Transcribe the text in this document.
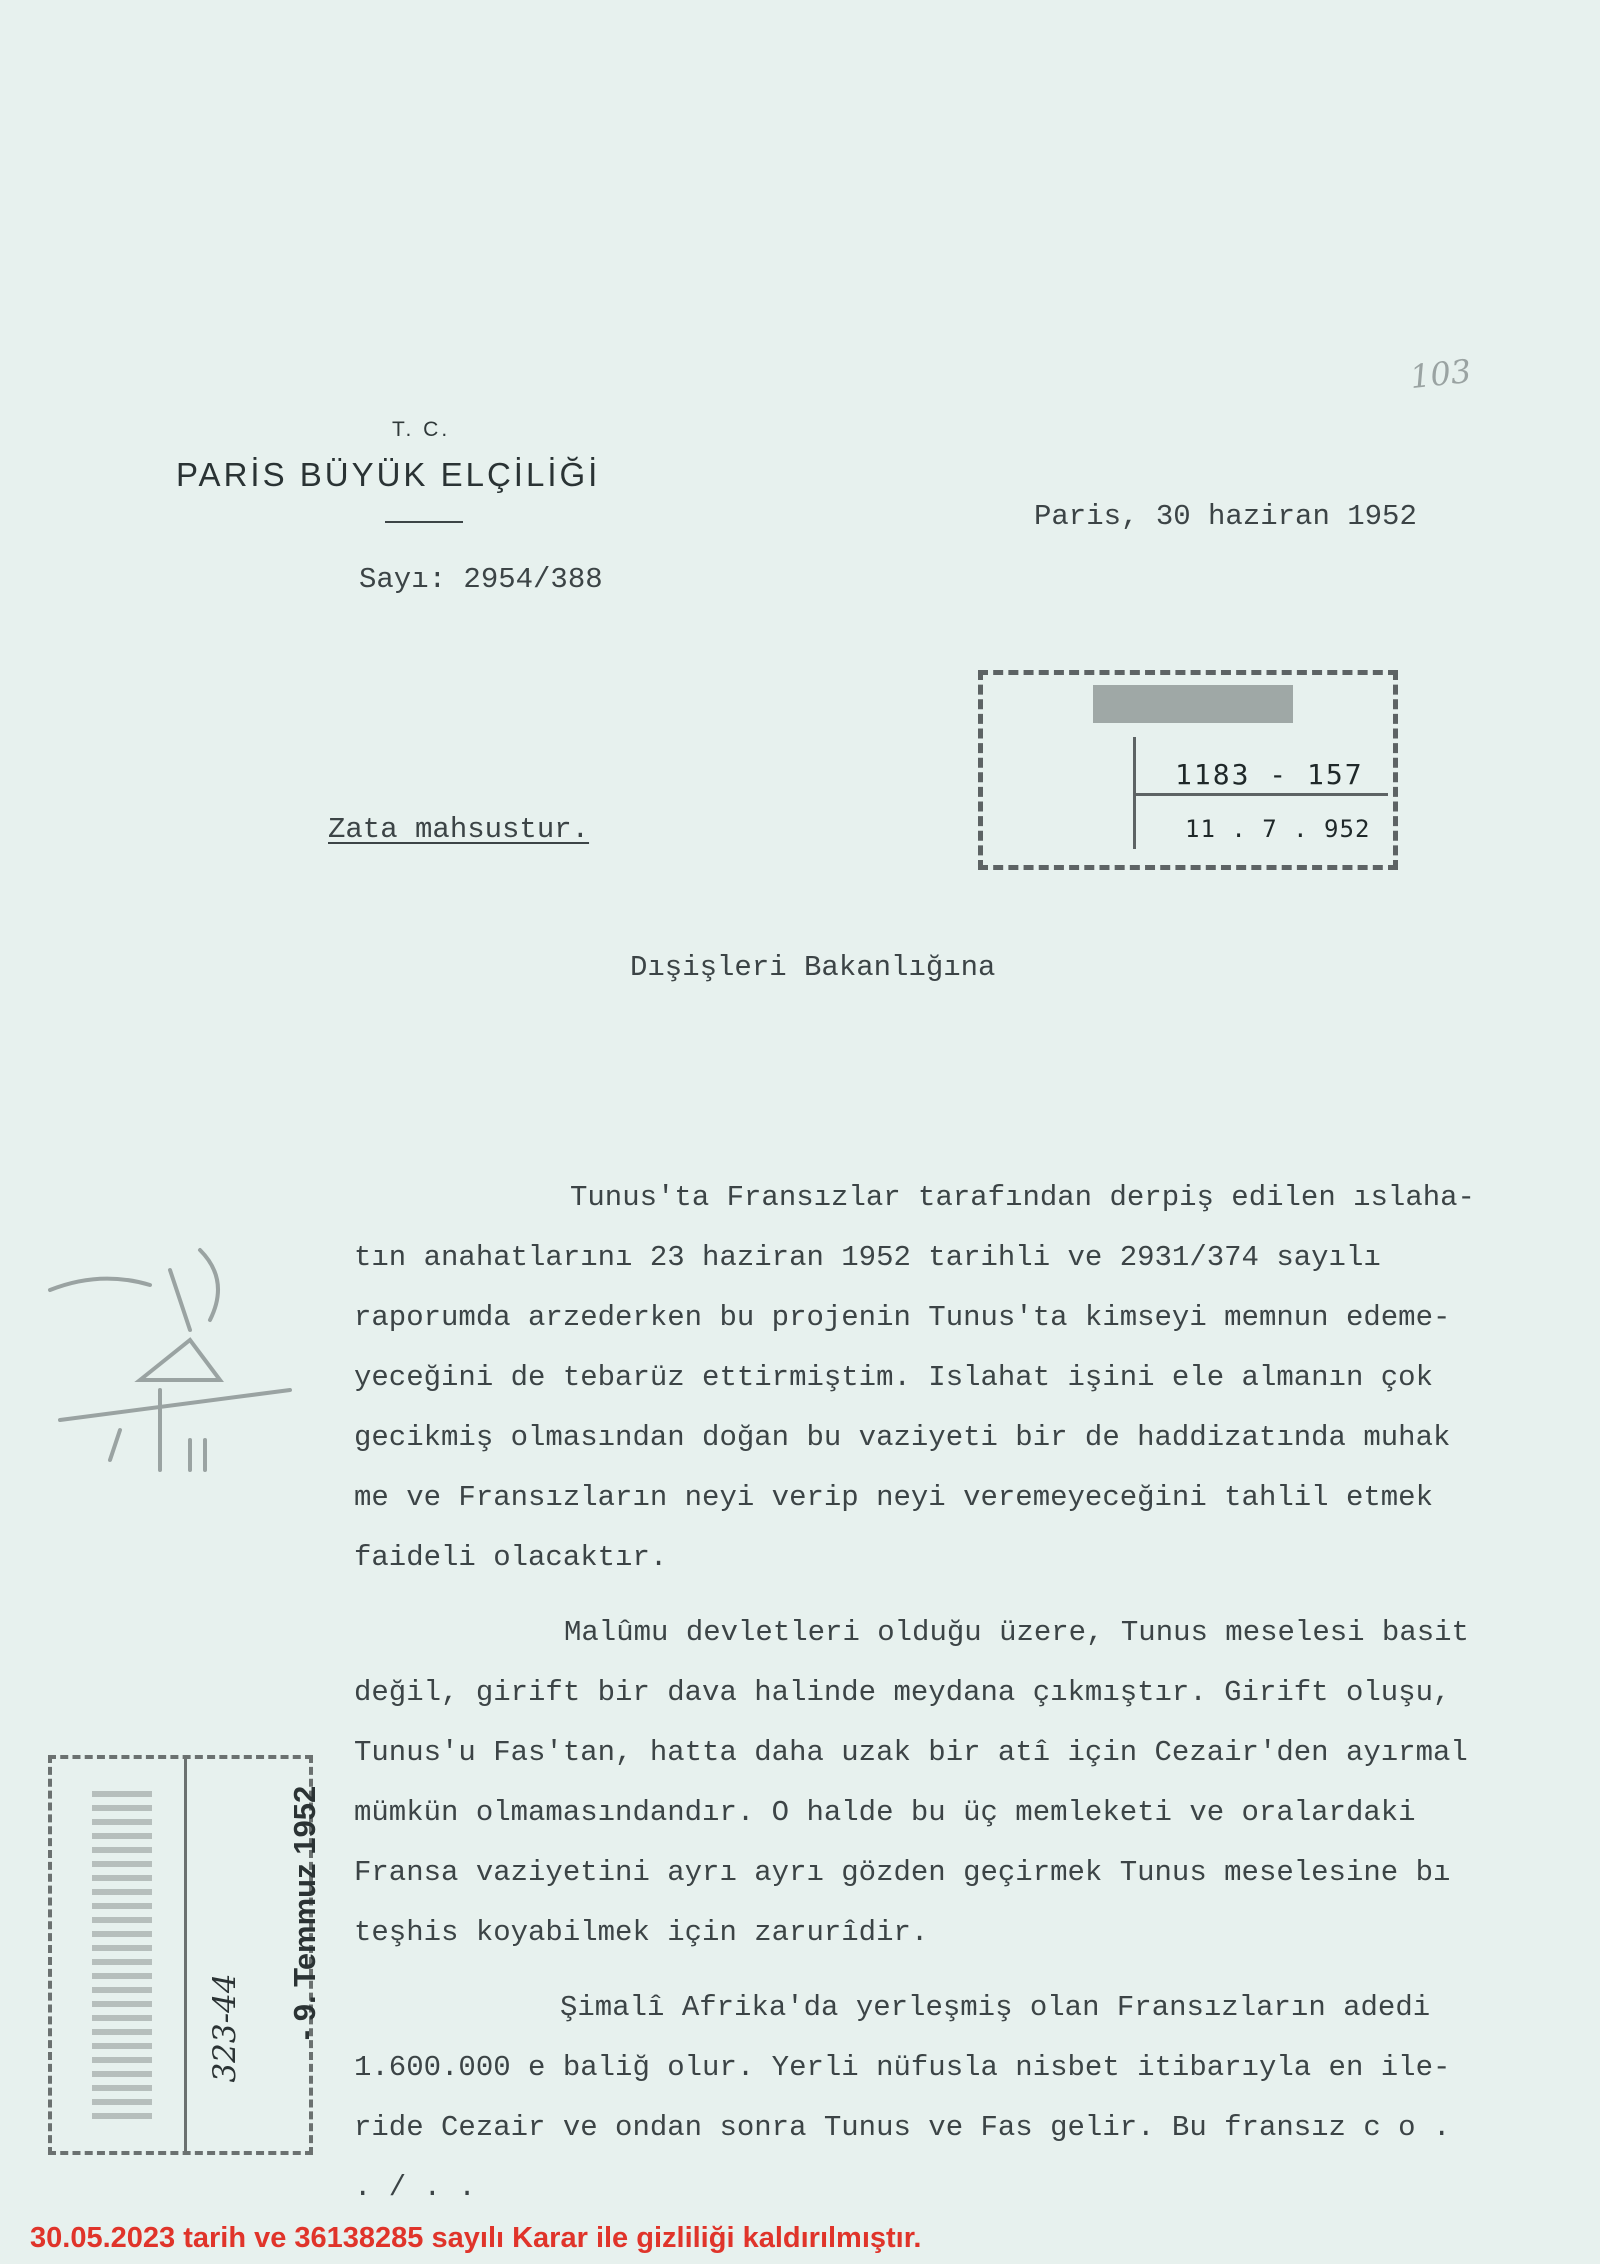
103
T. C.
PARİS BÜYÜK ELÇİLİĞİ
Paris, 30 haziran 1952
Sayı: 2954/388
1183 - 157
11 . 7 . 952
Zata mahsustur.
Dışişleri Bakanlığına
Tunus'ta Fransızlar tarafından derpiş edilen ıslaha-
tın anahatlarını 23 haziran 1952 tarihli ve 2931/374 sayılı
raporumda arzederken bu projenin Tunus'ta kimseyi memnun edeme-
yeceğini de tebarüz ettirmiştim. Islahat işini ele almanın çok
gecikmiş olmasından doğan bu vaziyeti bir de haddizatında muhak
me ve Fransızların neyi verip neyi veremeyeceğini tahlil etmek
faideli olacaktır.
Malûmu devletleri olduğu üzere, Tunus meselesi basit
değil, girift bir dava halinde meydana çıkmıştır. Girift oluşu,
Tunus'u Fas'tan, hatta daha uzak bir atî için Cezair'den ayırmal
mümkün olmamasındandır. O halde bu üç memleketi ve oralardaki
Fransa vaziyetini ayrı ayrı gözden geçirmek Tunus meselesine bı
teşhis koyabilmek için zarurîdir.
Şimalî Afrika'da yerleşmiş olan Fransızların adedi
1.600.000 e baliğ olur. Yerli nüfusla nisbet itibarıyla en ile-
ride Cezair ve ondan sonra Tunus ve Fas gelir. Bu fransız c o .
. / . .
- 9. Temmuz 1952
323-44
30.05.2023 tarih ve 36138285 sayılı Karar ile gizliliği kaldırılmıştır.
